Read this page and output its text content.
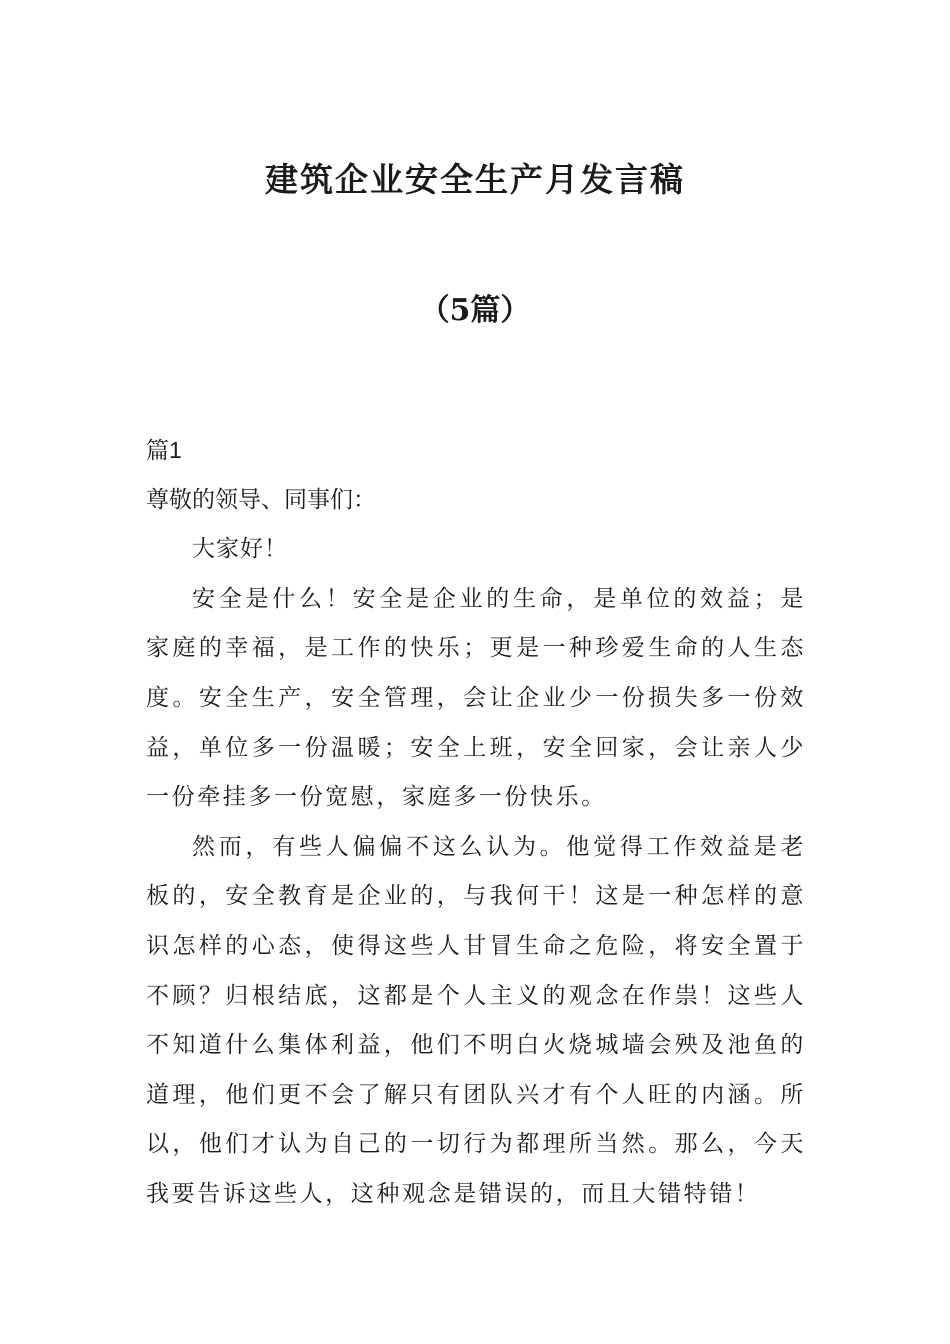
建筑企业安全生产月发言稿
（5篇）

篇1

尊敬的领导、同事们：

大家好！

安全是什么！安全是企业的生命，是单位的效益；是家庭的幸福，是工作的快乐；更是一种珍爱生命的人生态度。安全生产，安全管理，会让企业少一份损失多一份效益，单位多一份温暖；安全上班，安全回家，会让亲人少一份牵挂多一份宽慰，家庭多一份快乐。

然而，有些人偏偏不这么认为。他觉得工作效益是老板的，安全教育是企业的，与我何干！这是一种怎样的意识怎样的心态，使得这些人甘冒生命之危险，将安全置于不顾？归根结底，这都是个人主义的观念在作祟！这些人不知道什么集体利益，他们不明白火烧城墙会殃及池鱼的道理，他们更不会了解只有团队兴才有个人旺的内涵。所以，他们才认为自己的一切行为都理所当然。那么，今天我要告诉这些人，这种观念是错误的，而且大错特错！
